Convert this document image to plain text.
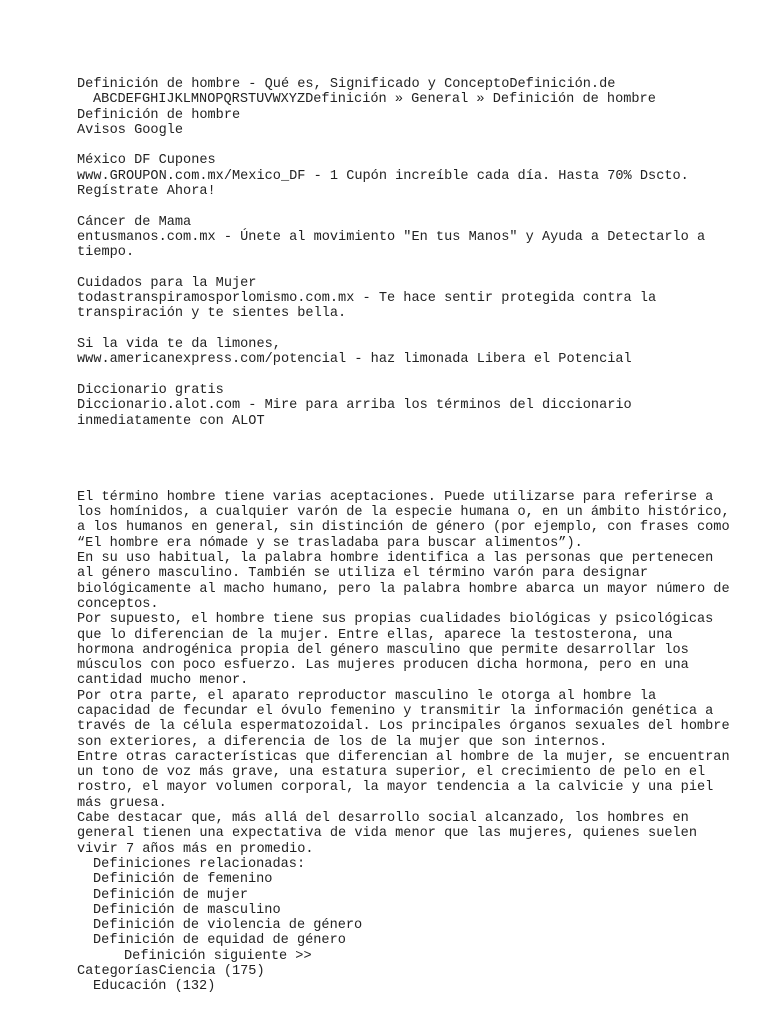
Definición de hombre - Qué es, Significado y ConceptoDefinición.de
ABCDEFGHIJKLMNOPQRSTUVWXYZDefinición » General » Definición de hombre
Definición de hombre
Avisos Google
México DF Cupones
www.GROUPON.com.mx/Mexico_DF - 1 Cupón increíble cada día. Hasta 70% Dscto.
Regístrate Ahora!
Cáncer de Mama
entusmanos.com.mx - Únete al movimiento "En tus Manos" y Ayuda a Detectarlo a
tiempo.
Cuidados para la Mujer
todastranspiramosporlomismo.com.mx - Te hace sentir protegida contra la
transpiración y te sientes bella.
Si la vida te da limones,
www.americanexpress.com/potencial - haz limonada Libera el Potencial
Diccionario gratis
Diccionario.alot.com - Mire para arriba los términos del diccionario
inmediatamente con ALOT
El término hombre tiene varias aceptaciones. Puede utilizarse para referirse a
los homínidos, a cualquier varón de la especie humana o, en un ámbito histórico,
a los humanos en general, sin distinción de género (por ejemplo, con frases como
“El hombre era nómade y se trasladaba para buscar alimentos”).
En su uso habitual, la palabra hombre identifica a las personas que pertenecen
al género masculino. También se utiliza el término varón para designar
biológicamente al macho humano, pero la palabra hombre abarca un mayor número de
conceptos.
Por supuesto, el hombre tiene sus propias cualidades biológicas y psicológicas
que lo diferencian de la mujer. Entre ellas, aparece la testosterona, una
hormona androgénica propia del género masculino que permite desarrollar los
músculos con poco esfuerzo. Las mujeres producen dicha hormona, pero en una
cantidad mucho menor.
Por otra parte, el aparato reproductor masculino le otorga al hombre la
capacidad de fecundar el óvulo femenino y transmitir la información genética a
través de la célula espermatozoidal. Los principales órganos sexuales del hombre
son exteriores, a diferencia de los de la mujer que son internos.
Entre otras características que diferencian al hombre de la mujer, se encuentran
un tono de voz más grave, una estatura superior, el crecimiento de pelo en el
rostro, el mayor volumen corporal, la mayor tendencia a la calvicie y una piel
más gruesa.
Cabe destacar que, más allá del desarrollo social alcanzado, los hombres en
general tienen una expectativa de vida menor que las mujeres, quienes suelen
vivir 7 años más en promedio.
Definiciones relacionadas:
Definición de femenino
Definición de mujer
Definición de masculino
Definición de violencia de género
Definición de equidad de género
Definición siguiente >>
CategoríasCiencia (175)
Educación (132)
